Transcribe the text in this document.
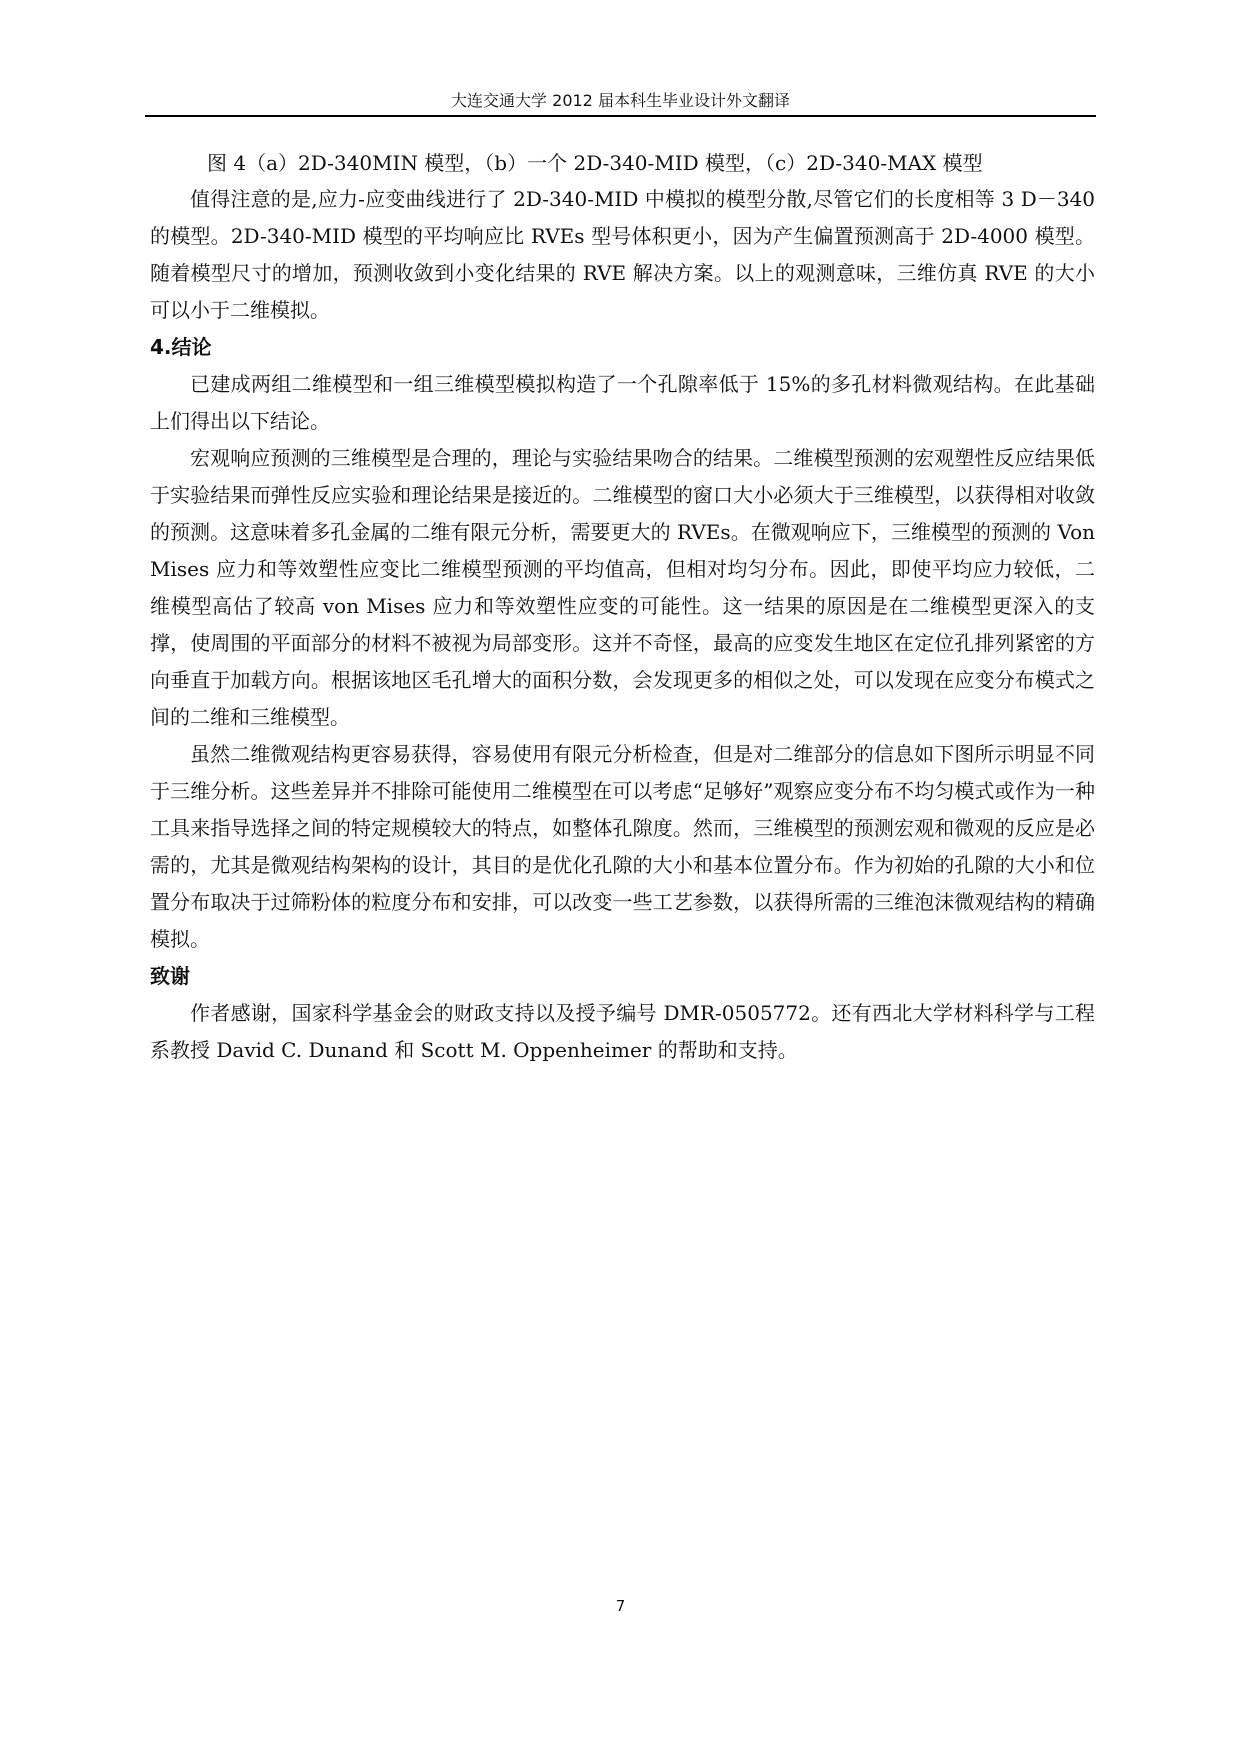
大连交通大学 2012 届本科生毕业设计外文翻译
图 4（a）2D-340MIN 模型，（b）一个 2D-340-MID 模型，（c）2D-340-MAX 模型

值得注意的是,应力-应变曲线进行了 2D-340-MID 中模拟的模型分散,尽管它们的长度相等 3 D－340 的模型。2D-340-MID 模型的平均响应比 RVEs 型号体积更小，因为产生偏置预测高于 2D-4000 模型。随着模型尺寸的增加，预测收敛到小变化结果的 RVE 解决方案。以上的观测意味，三维仿真 RVE 的大小可以小于二维模拟。

4.结论

已建成两组二维模型和一组三维模型模拟构造了一个孔隙率低于 15%的多孔材料微观结构。在此基础上们得出以下结论。

宏观响应预测的三维模型是合理的，理论与实验结果吻合的结果。二维模型预测的宏观塑性反应结果低于实验结果而弹性反应实验和理论结果是接近的。二维模型的窗口大小必须大于三维模型，以获得相对收敛的预测。这意味着多孔金属的二维有限元分析，需要更大的 RVEs。在微观响应下，三维模型的预测的 Von Mises 应力和等效塑性应变比二维模型预测的平均值高，但相对均匀分布。因此，即使平均应力较低，二维模型高估了较高 von Mises 应力和等效塑性应变的可能性。这一结果的原因是在二维模型更深入的支撑，使周围的平面部分的材料不被视为局部变形。这并不奇怪，最高的应变发生地区在定位孔排列紧密的方向垂直于加载方向。根据该地区毛孔增大的面积分数，会发现更多的相似之处，可以发现在应变分布模式之间的二维和三维模型。

虽然二维微观结构更容易获得，容易使用有限元分析检查，但是对二维部分的信息如下图所示明显不同于三维分析。这些差异并不排除可能使用二维模型在可以考虑“足够好”观察应变分布不均匀模式或作为一种工具来指导选择之间的特定规模较大的特点，如整体孔隙度。然而，三维模型的预测宏观和微观的反应是必需的，尤其是微观结构架构的设计，其目的是优化孔隙的大小和基本位置分布。作为初始的孔隙的大小和位置分布取决于过筛粉体的粒度分布和安排，可以改变一些工艺参数，以获得所需的三维泡沫微观结构的精确模拟。

致谢

作者感谢，国家科学基金会的财政支持以及授予编号 DMR-0505772。还有西北大学材料科学与工程系教授 David C. Dunand 和 Scott M. Oppenheimer 的帮助和支持。

7
